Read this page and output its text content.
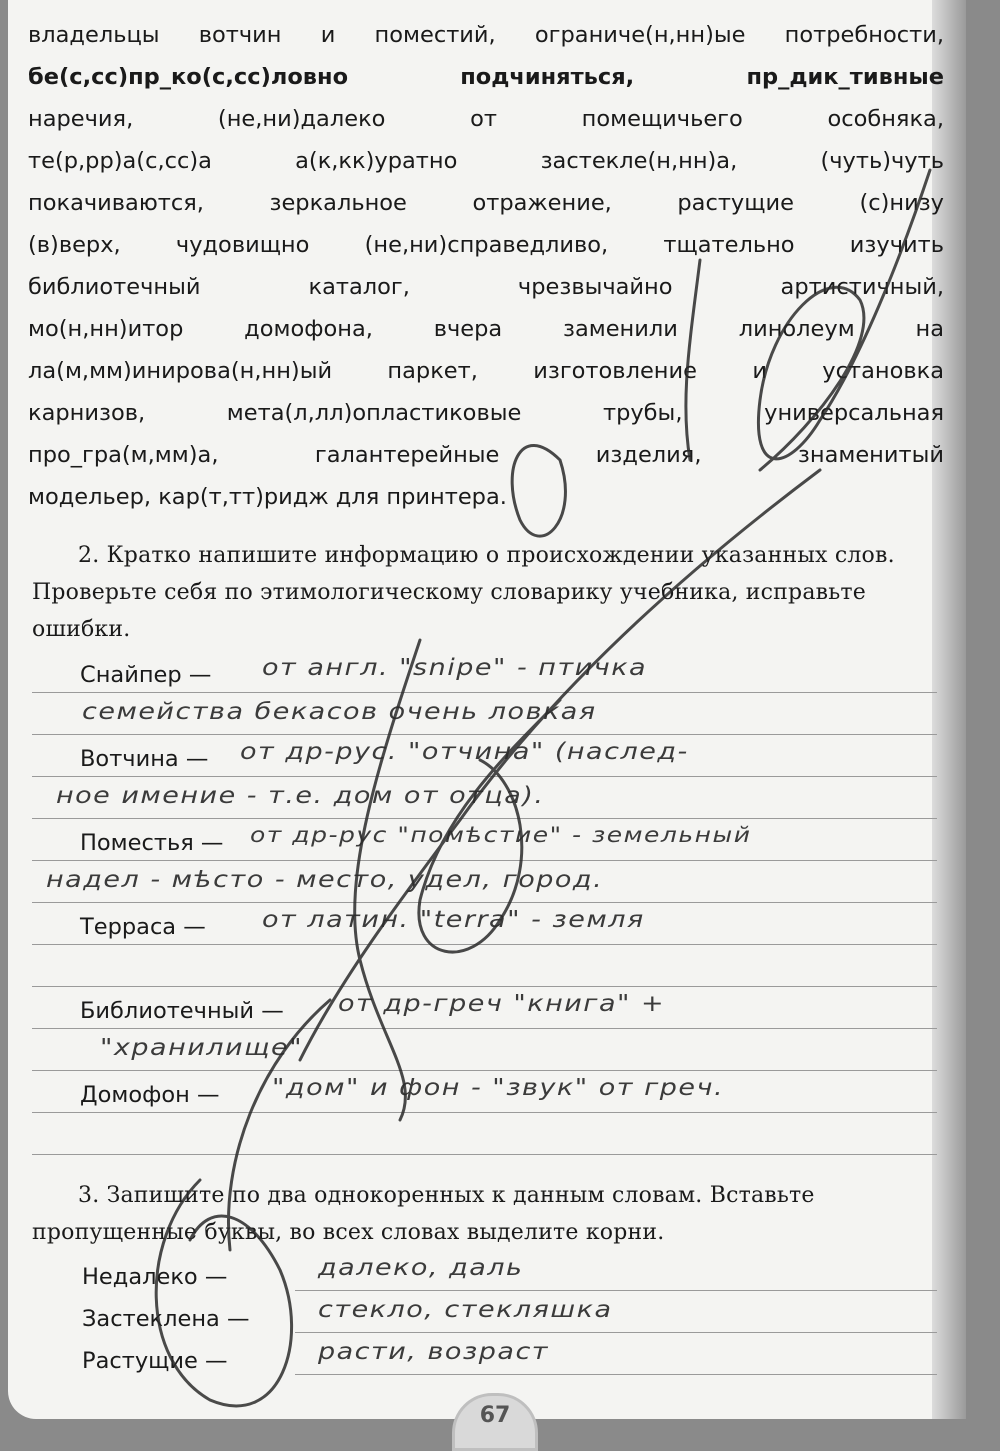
владельцы вотчин и поместий, ограниче(н,нн)ые потребности,
бе(с,сс)пр_ко(с,сс)ловно подчиняться, пр_дик_тивные
наречия, (не,ни)далеко от помещичьего особняка,
те(р,рр)а(с,сс)а а(к,кк)уратно застекле(н,нн)а, (чуть)чуть
покачиваются, зеркальное отражение, растущие (с)низу
(в)верх, чудовищно (не,ни)справедливо, тщательно изучить
библиотечный каталог, чрезвычайно артистичный,
мо(н,нн)итор домофона, вчера заменили линолеум на
ла(м,мм)инирова(н,нн)ый паркет, изготовление и установка
карнизов, мета(л,лл)опластиковые трубы, универсальная
про_гра(м,мм)а, галантерейные изделия, знаменитый
модельер, кар(т,тт)ридж для принтера.
2. Кратко напишите информацию о происхождении указанных слов. Проверьте себя по этимологическому словарику учебника, исправьте ошибки.
Снайпер — от англ. "snipe" - птичка
семейства бекасов очень ловкая
Вотчина — от др-рус. "отчина" (наслед-
ное имение - т.е. дом от отца).
Поместья — от др-рус "помѣстие" - земельный
надел - мѣсто - место, удел, город.
Терраса — от латин. "terra" - земля
Библиотечный — от др-греч "книга" +
"хранилище"
Домофон — "дом" и фон - "звук" от греч.
3. Запишите по два однокоренных к данным словам. Вставьте пропущенные буквы, во всех словах выделите корни.
Недалеко —	далеко, даль
Застеклена —	стекло, стекляшка
Растущие —	расти, возраст
67
